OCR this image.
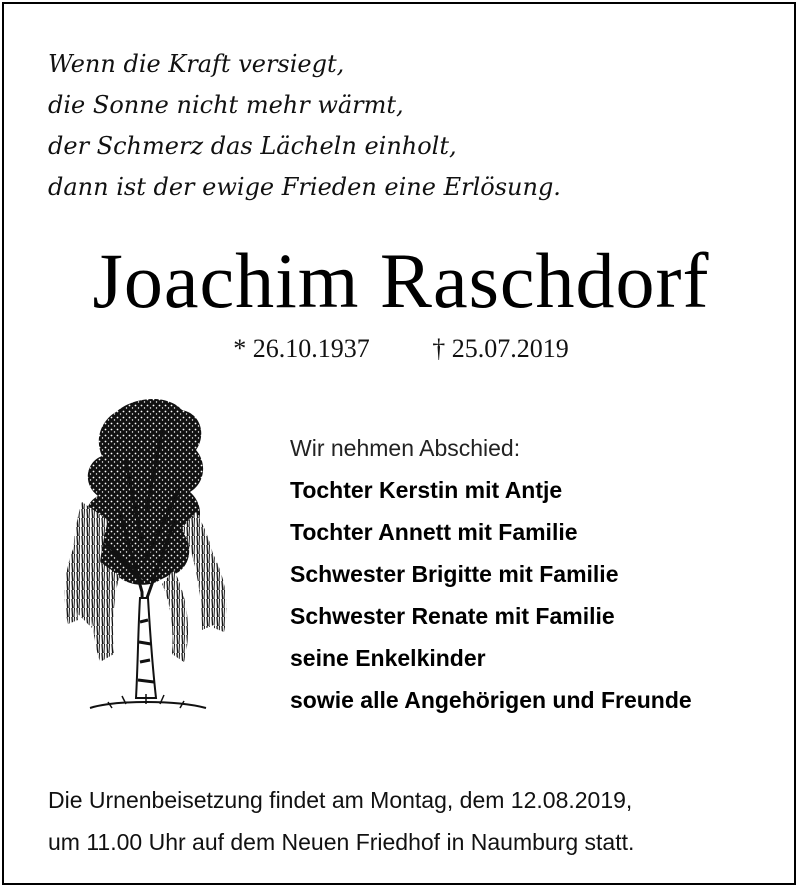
Wenn die Kraft versiegt,
die Sonne nicht mehr wärmt,
der Schmerz das Lächeln einholt,
dann ist der ewige Frieden eine Erlösung.
Joachim Raschdorf
* 26.10.1937 † 25.07.2019
Wir nehmen Abschied:
Tochter Kerstin mit Antje
Tochter Annett mit Familie
Schwester Brigitte mit Familie
Schwester Renate mit Familie
seine Enkelkinder
sowie alle Angehörigen und Freunde
Die Urnenbeisetzung findet am Montag, dem 12.08.2019,
um 11.00 Uhr auf dem Neuen Friedhof in Naumburg statt.
